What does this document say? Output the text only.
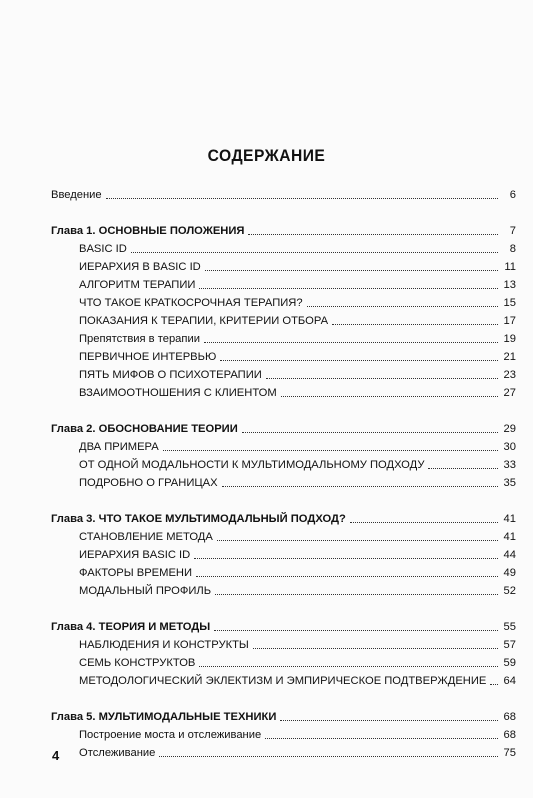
СОДЕРЖАНИЕ
Введение	6
Глава 1. ОСНОВНЫЕ ПОЛОЖЕНИЯ	7
BASIC ID	8
ИЕРАРХИЯ В BASIC ID	11
АЛГОРИТМ ТЕРАПИИ	13
ЧТО ТАКОЕ КРАТКОСРОЧНАЯ ТЕРАПИЯ?	15
ПОКАЗАНИЯ К ТЕРАПИИ, КРИТЕРИИ ОТБОРА	17
Препятствия в терапии	19
ПЕРВИЧНОЕ ИНТЕРВЬЮ	21
ПЯТЬ МИФОВ О ПСИХОТЕРАПИИ	23
ВЗАИМООТНОШЕНИЯ С КЛИЕНТОМ	27
Глава 2. ОБОСНОВАНИЕ ТЕОРИИ	29
ДВА ПРИМЕРА	30
ОТ ОДНОЙ МОДАЛЬНОСТИ К МУЛЬТИМОДАЛЬНОМУ ПОДХОДУ	33
ПОДРОБНО О ГРАНИЦАХ	35
Глава 3. ЧТО ТАКОЕ МУЛЬТИМОДАЛЬНЫЙ ПОДХОД?	41
СТАНОВЛЕНИЕ МЕТОДА	41
ИЕРАРХИЯ BASIC ID	44
ФАКТОРЫ ВРЕМЕНИ	49
МОДАЛЬНЫЙ ПРОФИЛЬ	52
Глава 4. ТЕОРИЯ И МЕТОДЫ	55
НАБЛЮДЕНИЯ И КОНСТРУКТЫ	57
СЕМЬ КОНСТРУКТОВ	59
МЕТОДОЛОГИЧЕСКИЙ ЭКЛЕКТИЗМ И ЭМПИРИЧЕСКОЕ ПОДТВЕРЖДЕНИЕ 64
Глава 5. МУЛЬТИМОДАЛЬНЫЕ ТЕХНИКИ	68
Построение моста и отслеживание	68
Отслеживание	75
4
